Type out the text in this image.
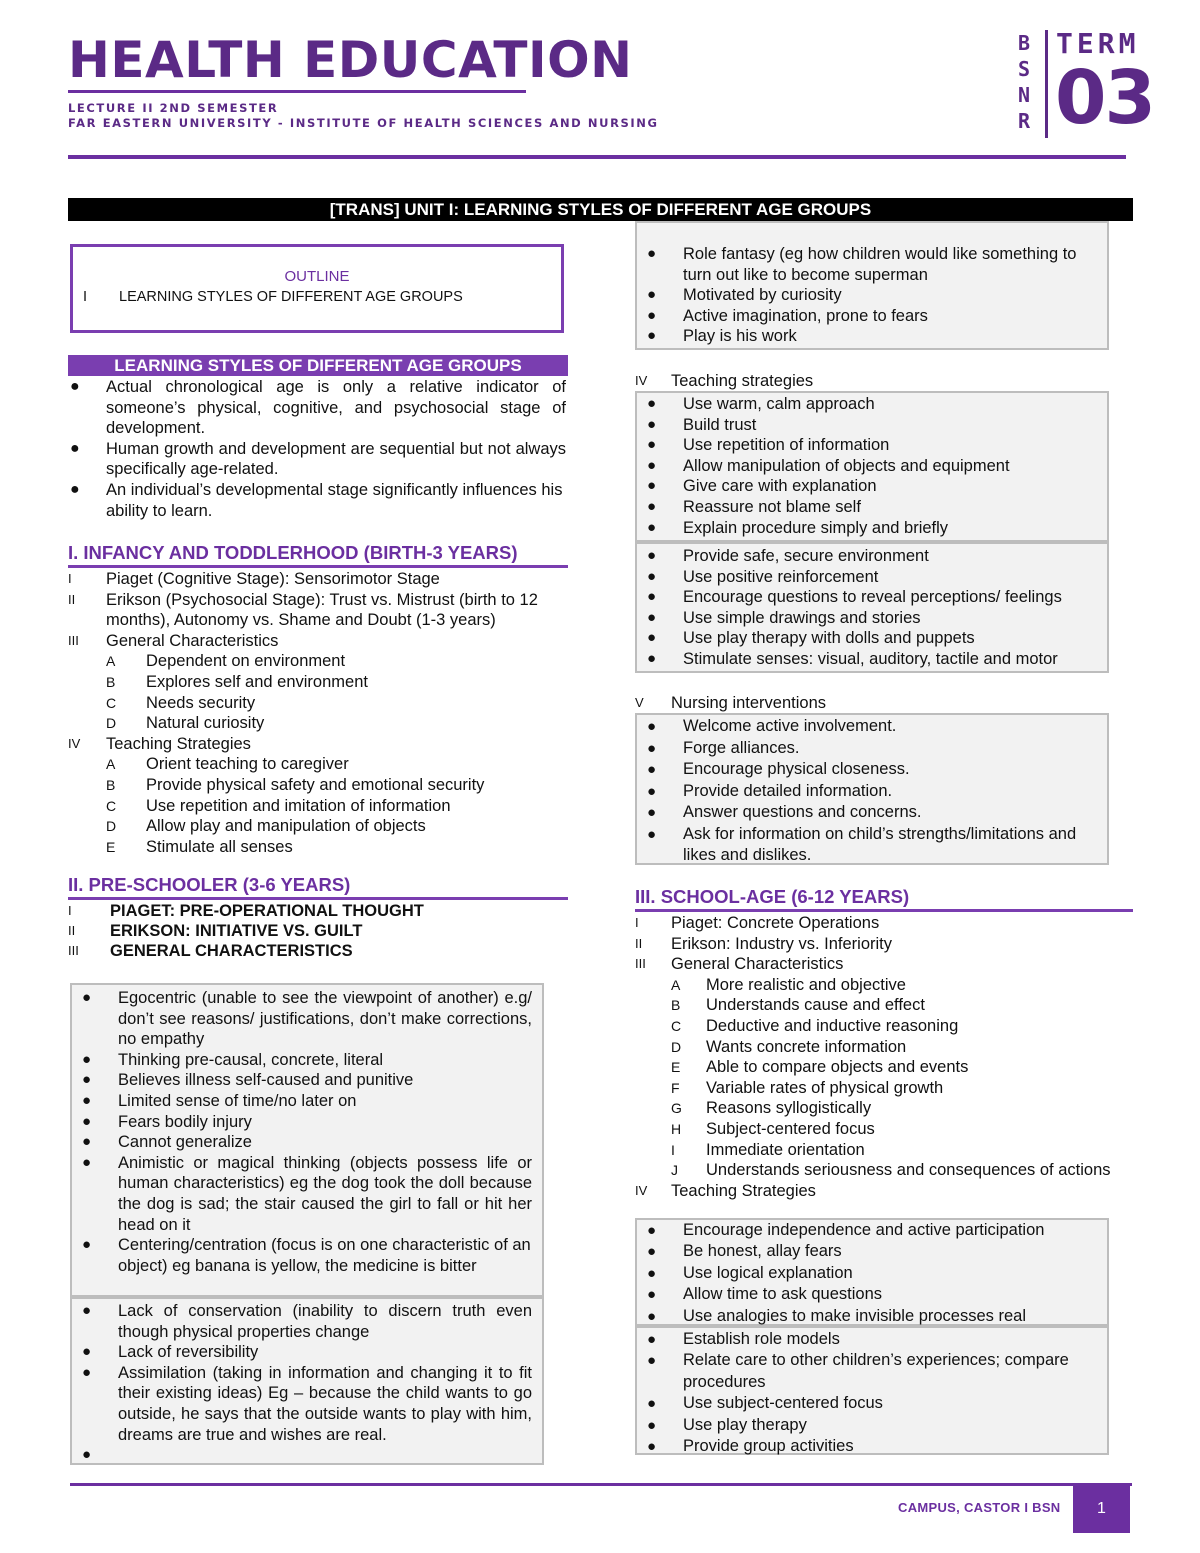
HEALTH EDUCATION
LECTURE II 2ND SEMESTER
FAR EASTERN UNIVERSITY - INSTITUTE OF HEALTH SCIENCES AND NURSING
B
S
N
R
TERM
03
[TRANS] UNIT I: LEARNING STYLES OF DIFFERENT AGE GROUPS
OUTLINE
I LEARNING STYLES OF DIFFERENT AGE GROUPS
LEARNING STYLES OF DIFFERENT AGE GROUPS
●	Actual chronological age is only a relative indicator of someone’s physical, cognitive, and psychosocial stage of development.
●	Human growth and development are sequential but not always specifically age-related.
●	An individual’s developmental stage significantly influences his ability to learn.
I. INFANCY AND TODDLERHOOD (BIRTH-3 YEARS)
I	Piaget (Cognitive Stage): Sensorimotor Stage
II	Erikson (Psychosocial Stage): Trust vs. Mistrust (birth to 12 months), Autonomy vs. Shame and Doubt (1-3 years)
III	General Characteristics
A	Dependent on environment
B	Explores self and environment
C	Needs security
D	Natural curiosity
IV	Teaching Strategies
A	Orient teaching to caregiver
B	Provide physical safety and emotional security
C	Use repetition and imitation of information
D	Allow play and manipulation of objects
E	Stimulate all senses
II. PRE-SCHOOLER (3-6 YEARS)
I	PIAGET: PRE-OPERATIONAL THOUGHT
II	ERIKSON: INITIATIVE VS. GUILT
III	GENERAL CHARACTERISTICS
●	Egocentric (unable to see the viewpoint of another) e.g/ don’t see reasons/ justifications, don’t make corrections, no empathy
●	Thinking pre-causal, concrete, literal
●	Believes illness self-caused and punitive
●	Limited sense of time/no later on
●	Fears bodily injury
●	Cannot generalize
●	Animistic or magical thinking (objects possess life or human characteristics) eg the dog took the doll because the dog is sad; the stair caused the girl to fall or hit her head on it
●	Centering/centration (focus is on one characteristic of an object) eg banana is yellow, the medicine is bitter
●	Lack of conservation (inability to discern truth even though physical properties change
●	Lack of reversibility
●	Assimilation (taking in information and changing it to fit their existing ideas) Eg – because the child wants to go outside, he says that the outside wants to play with him, dreams are true and wishes are real.
●

●	Role fantasy (eg how children would like something to turn out like to become superman
●	Motivated by curiosity
●	Active imagination, prone to fears
●	Play is his work
IV	Teaching strategies
●	Use warm, calm approach
●	Build trust
●	Use repetition of information
●	Allow manipulation of objects and equipment
●	Give care with explanation
●	Reassure not blame self
●	Explain procedure simply and briefly
●	Provide safe, secure environment
●	Use positive reinforcement
●	Encourage questions to reveal perceptions/ feelings
●	Use simple drawings and stories
●	Use play therapy with dolls and puppets
●	Stimulate senses: visual, auditory, tactile and motor
V	Nursing interventions
●	Welcome active involvement.
●	Forge alliances.
●	Encourage physical closeness.
●	Provide detailed information.
●	Answer questions and concerns.
●	Ask for information on child’s strengths/limitations and likes and dislikes.
III. SCHOOL-AGE (6-12 YEARS)
I	Piaget: Concrete Operations
II	Erikson: Industry vs. Inferiority
III	General Characteristics
A	More realistic and objective
B	Understands cause and effect
C	Deductive and inductive reasoning
D	Wants concrete information
E	Able to compare objects and events
F	Variable rates of physical growth
G	Reasons syllogistically
H	Subject-centered focus
I	Immediate orientation
J	Understands seriousness and consequences of actions
IV	Teaching Strategies
●	Encourage independence and active participation
●	Be honest, allay fears
●	Use logical explanation
●	Allow time to ask questions
●	Use analogies to make invisible processes real
●	Establish role models
●	Relate care to other children’s experiences; compare procedures
●	Use subject-centered focus
●	Use play therapy
●	Provide group activities
CAMPUS, CASTOR I BSN	1
